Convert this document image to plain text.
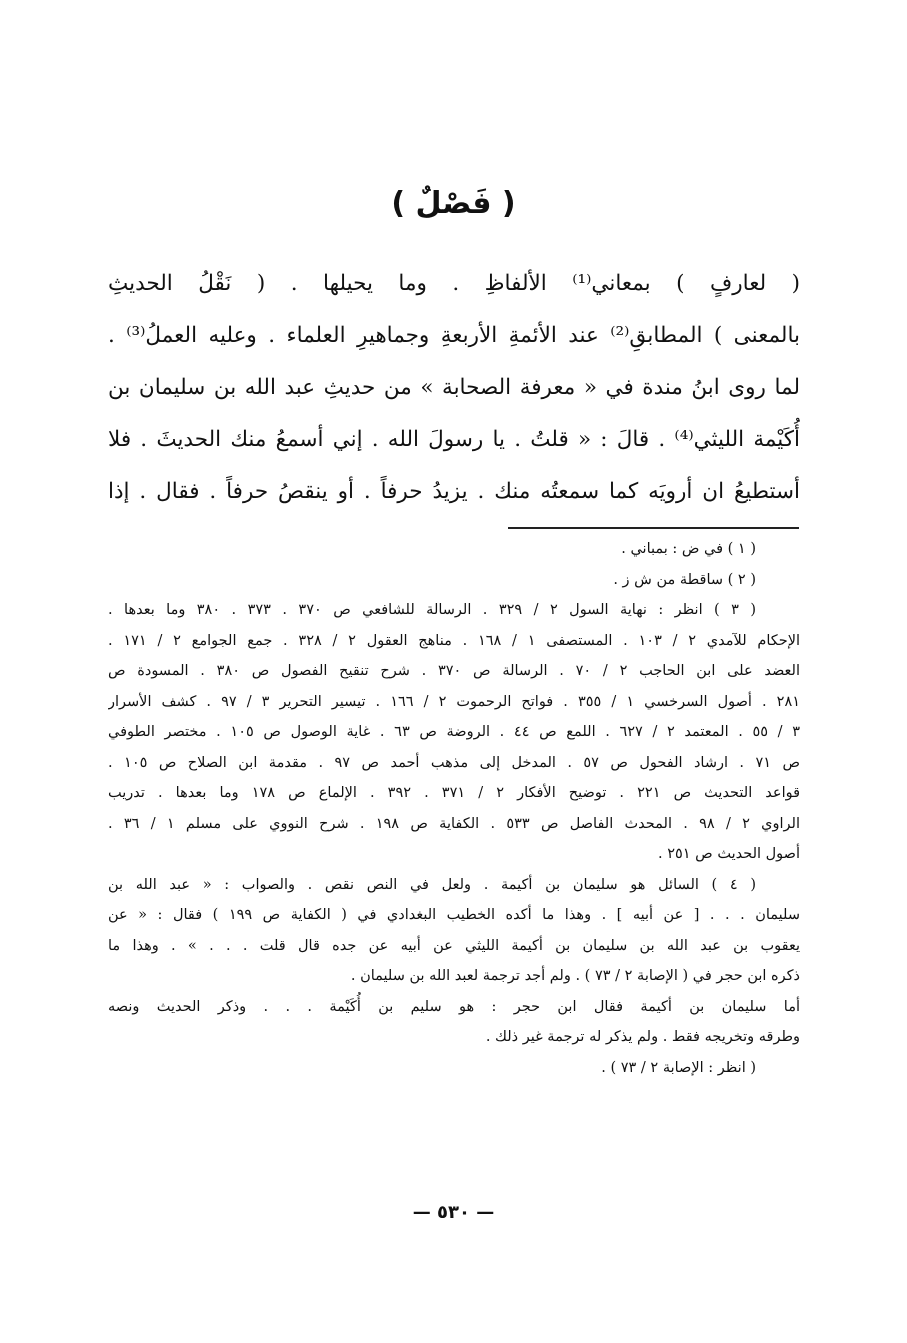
( فَصْلٌ )
( لعارفٍ ) بمعاني⁽¹⁾ الألفاظِ . وما يحيلها . ( نَقْلُ الحديثِ
بالمعنى ) المطابقِ⁽²⁾ عند الأئمةِ الأربعةِ وجماهيرِ العلماء . وعليه العملُ⁽³⁾ .
لما روى ابنُ مندة في « معرفة الصحابة » من حديثِ عبد الله بن سليمان بن
أُكَيْمة الليثي⁽⁴⁾ . قالَ : « قلتُ . يا رسولَ الله . إني أسمعُ منك الحديثَ . فلا
أستطيعُ ان أرويَه كما سمعتُه منك . يزيدُ حرفاً . أو ينقصُ حرفاً . فقال . إذا
( ١ ) في ض : بمباني .
( ٢ ) ساقطة من ش ز .
( ٣ ) انظر : نهاية السول ٢ / ٣٢٩ . الرسالة للشافعي ص ٣٧٠ . ٣٧٣ . ٣٨٠ وما بعدها .
الإحكام للآمدي ٢ / ١٠٣ . المستصفى ١ / ١٦٨ . مناهج العقول ٢ / ٣٢٨ . جمع الجوامع ٢ / ١٧١ .
العضد على ابن الحاجب ٢ / ٧٠ . الرسالة ص ٣٧٠ . شرح تنقيح الفصول ص ٣٨٠ . المسودة ص
٢٨١ . أصول السرخسي ١ / ٣٥٥ . فواتح الرحموت ٢ / ١٦٦ . تيسير التحرير ٣ / ٩٧ . كشف الأسرار
٣ / ٥٥ . المعتمد ٢ / ٦٢٧ . اللمع ص ٤٤ . الروضة ص ٦٣ . غاية الوصول ص ١٠٥ . مختصر الطوفي
ص ٧١ . ارشاد الفحول ص ٥٧ . المدخل إلى مذهب أحمد ص ٩٧ . مقدمة ابن الصلاح ص ١٠٥ .
قواعد التحديث ص ٢٢١ . توضيح الأفكار ٢ / ٣٧١ . ٣٩٢ . الإلماع ص ١٧٨ وما بعدها . تدريب
الراوي ٢ / ٩٨ . المحدث الفاصل ص ٥٣٣ . الكفاية ص ١٩٨ . شرح النووي على مسلم ١ / ٣٦ .
أصول الحديث ص ٢٥١ .
( ٤ ) السائل هو سليمان بن أكيمة . ولعل في النص نقص . والصواب : « عبد الله بن
سليمان . . . [ عن أبيه ] . وهذا ما أكده الخطيب البغدادي في ( الكفاية ص ١٩٩ ) فقال : « عن
يعقوب بن عبد الله بن سليمان بن أكيمة الليثي عن أبيه عن جده قال قلت . . . » . وهذا ما
ذكره ابن حجر في ( الإصابة ٢ / ٧٣ ) . ولم أجد ترجمة لعبد الله بن سليمان .
أما سليمان بن أكيمة فقال ابن حجر : هو سليم بن أُكَيْمة . . . وذكر الحديث ونصه
وطرقه وتخريجه فقط . ولم يذكر له ترجمة غير ذلك .
( انظر : الإصابة ٢ / ٧٣ ) .
— ٥٣٠ —
